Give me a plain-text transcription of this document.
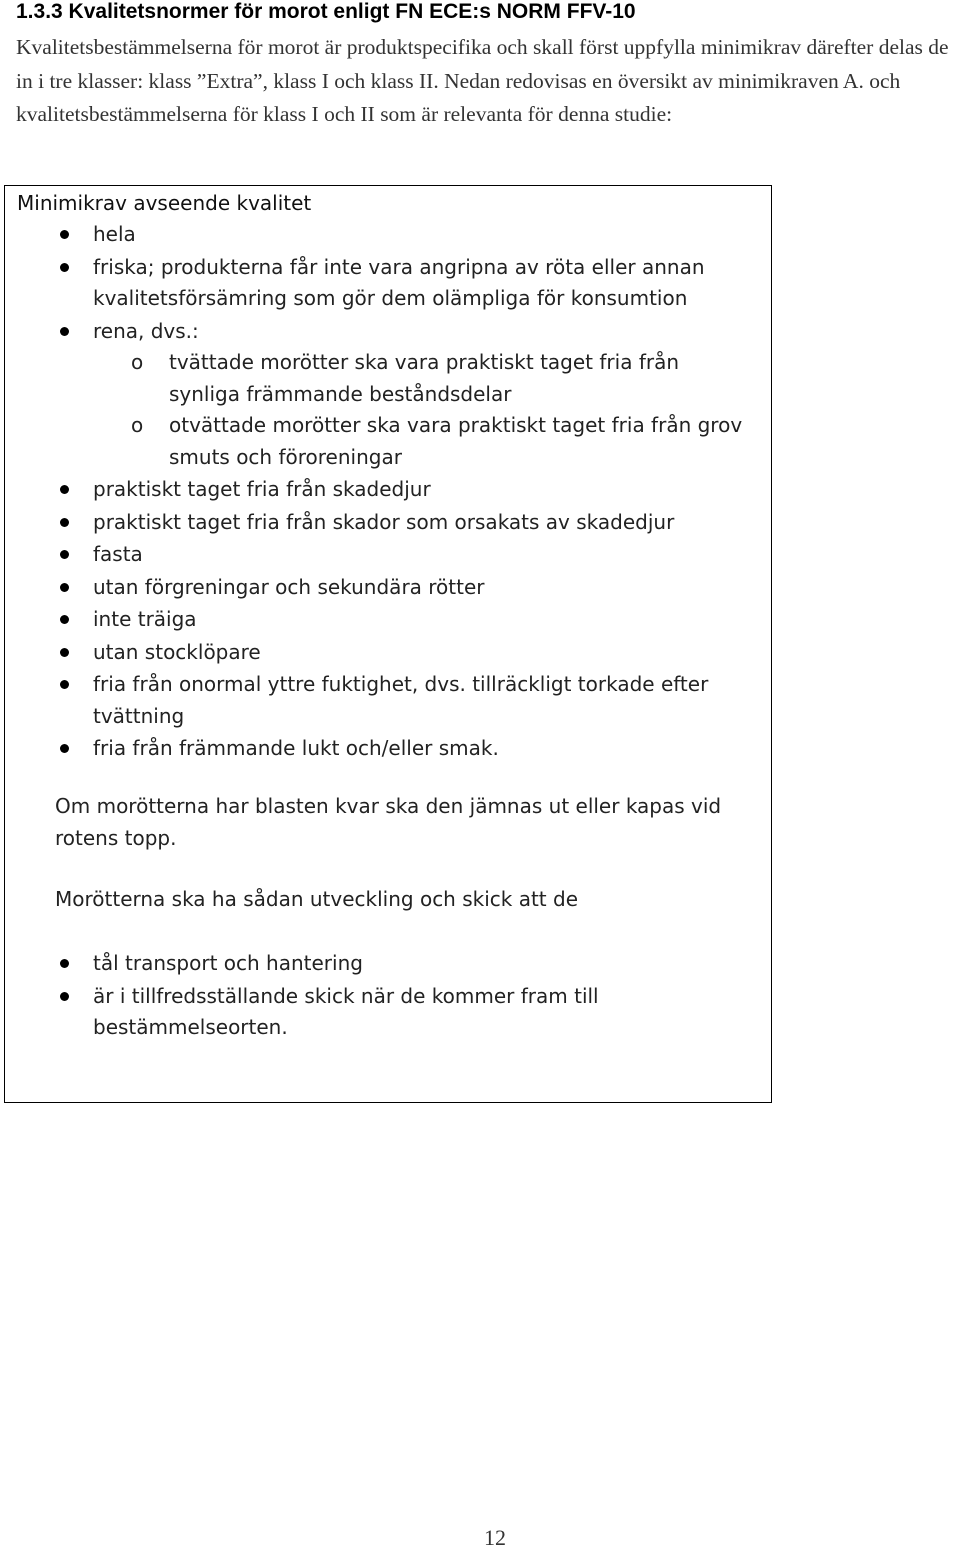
1.3.3 Kvalitetsnormer för morot enligt FN ECE:s NORM FFV-10

Kvalitetsbestämmelserna för morot är produktspecifika och skall först uppfylla minimikrav därefter delas de in i tre klasser: klass ”Extra”, klass I och klass II. Nedan redovisas en översikt av minimikraven A. och kvalitetsbestämmelserna för klass I och II som är relevanta för denna studie:

Minimikrav avseende kvalitet
hela
friska; produkterna får inte vara angripna av röta eller annan kvalitetsförsämring som gör dem olämpliga för konsumtion
rena, dvs.:
o tvättade morötter ska vara praktiskt taget fria från synliga främmande beståndsdelar
o otvättade morötter ska vara praktiskt taget fria från grov smuts och föroreningar
praktiskt taget fria från skadedjur
praktiskt taget fria från skador som orsakats av skadedjur
fasta
utan förgreningar och sekundära rötter
inte träiga
utan stocklöpare
fria från onormal yttre fuktighet, dvs. tillräckligt torkade efter tvättning
fria från främmande lukt och/eller smak.

Om morötterna har blasten kvar ska den jämnas ut eller kapas vid rotens topp.

Morötterna ska ha sådan utveckling och skick att de

tål transport och hantering
är i tillfredsställande skick när de kommer fram till bestämmelseorten.

12
